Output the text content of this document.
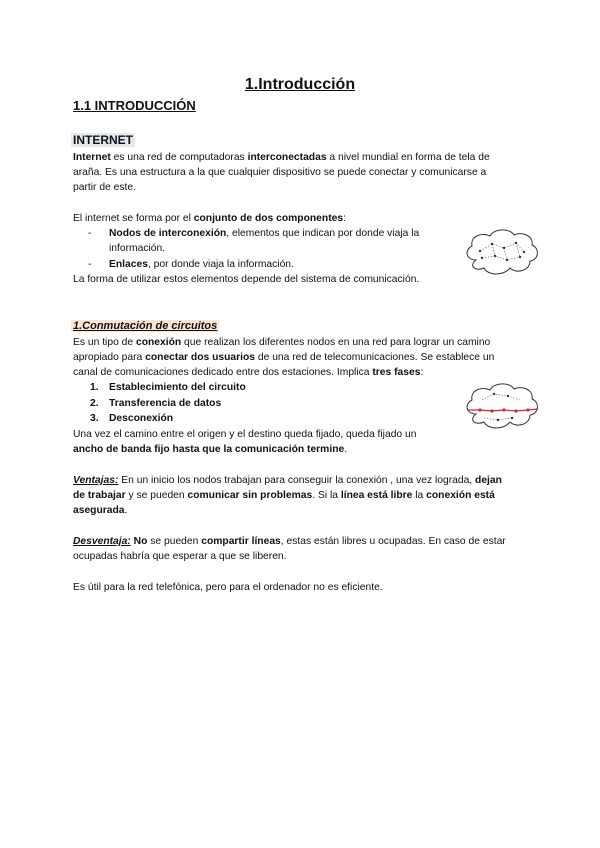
1.Introducción
1.1 INTRODUCCIÓN
INTERNET
Internet es una red de computadoras interconectadas a nivel mundial en forma de tela de
araña. Es una estructura a la que cualquier dispositivo se puede conectar y comunicarse a
partir de este.
El internet se forma por el conjunto de dos componentes:
- Nodos de interconexión, elementos que indican por donde viaja la
información.
- Enlaces, por donde viaja la información.
La forma de utilizar estos elementos depende del sistema de comunicación.
1.Conmutación de circuitos
Es un tipo de conexión que realizan los diferentes nodos en una red para lograr un camino
apropiado para conectar dos usuarios de una red de telecomunicaciones. Se establece un
canal de comunicaciones dedicado entre dos estaciones. Implica tres fases:
1. Establecimiento del circuito
2. Transferencia de datos
3. Desconexión
Una vez el camino entre el origen y el destino queda fijado, queda fijado un
ancho de banda fijo hasta que la comunicación termine.
Ventajas: En un inicio los nodos trabajan para conseguir la conexión , una vez lograda, dejan
de trabajar y se pueden comunicar sin problemas. Si la línea está libre la conexión está
asegurada.
Desventaja: No se pueden compartir líneas, estas están libres u ocupadas. En caso de estar
ocupadas habría que esperar a que se liberen.
Es útil para la red telefónica, pero para el ordenador no es eficiente.
